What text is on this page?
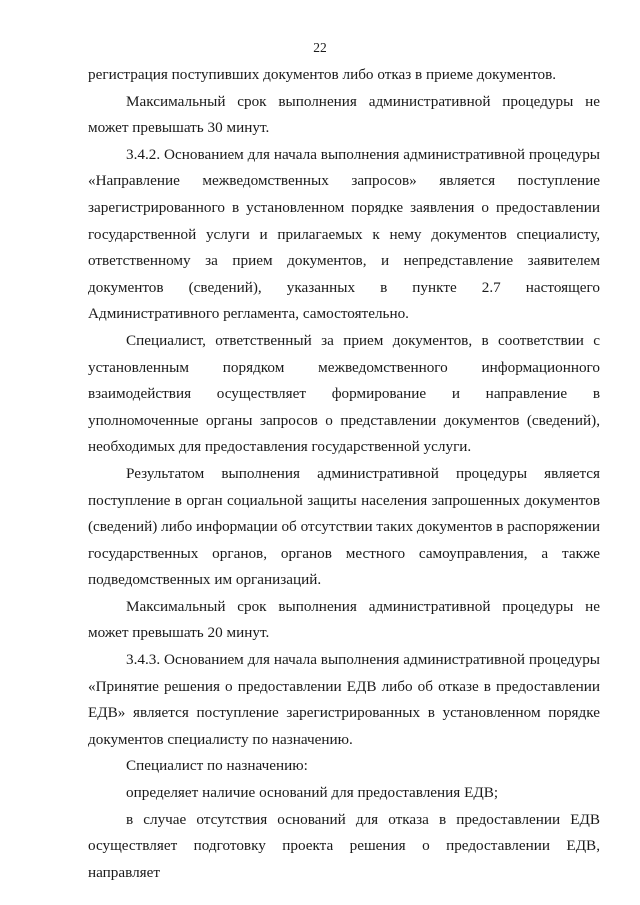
22

регистрация поступивших документов либо отказ в приеме документов.

Максимальный срок выполнения административной процедуры не может превышать 30 минут.

3.4.2. Основанием для начала выполнения административной процедуры «Направление межведомственных запросов» является поступление зарегистрированного в установленном порядке заявления о предоставлении государственной услуги и прилагаемых к нему документов специалисту, ответственному за прием документов, и непредставление заявителем документов (сведений), указанных в пункте 2.7 настоящего Административного регламента, самостоятельно.

Специалист, ответственный за прием документов, в соответствии с установленным порядком межведомственного информационного взаимодействия осуществляет формирование и направление в уполномоченные органы запросов о представлении документов (сведений), необходимых для предоставления государственной услуги.

Результатом выполнения административной процедуры является поступление в орган социальной защиты населения запрошенных документов (сведений) либо информации об отсутствии таких документов в распоряжении государственных органов, органов местного самоуправления, а также подведомственных им организаций.

Максимальный срок выполнения административной процедуры не может превышать 20 минут.

3.4.3. Основанием для начала выполнения административной процедуры «Принятие решения о предоставлении ЕДВ либо об отказе в предоставлении ЕДВ» является поступление зарегистрированных в установленном порядке документов специалисту по назначению.

Специалист по назначению:

определяет наличие оснований для предоставления ЕДВ;

в случае отсутствия оснований для отказа в предоставлении ЕДВ осуществляет подготовку проекта решения о предоставлении ЕДВ, направляет
